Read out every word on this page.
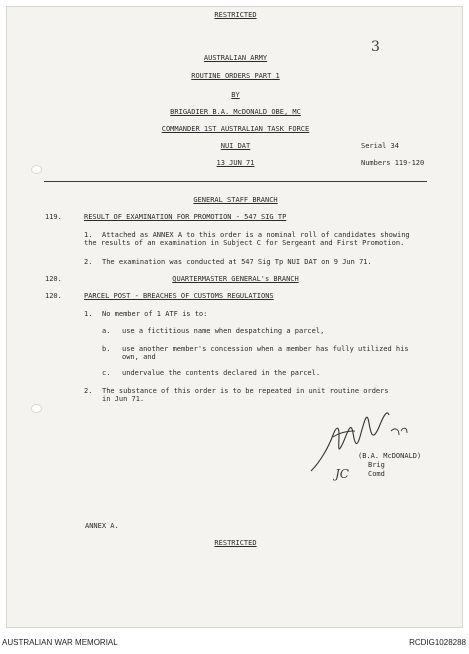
RESTRICTED
3
AUSTRALIAN ARMY
ROUTINE ORDERS PART 1
BY
BRIGADIER B.A. McDONALD OBE, MC
COMMANDER 1ST AUSTRALIAN TASK FORCE
NUI DAT	Serial 34
13 JUN 71	Numbers 119-120
GENERAL STAFF BRANCH
119.	RESULT OF EXAMINATION FOR PROMOTION - 547 SIG TP
1. Attached as ANNEX A to this order is a nominal roll of candidates showing
the results of an examination in Subject C for Sergeant and First Promotion.
2. The examination was conducted at 547 Sig Tp NUI DAT on 9 Jun 71.
120.	QUARTERMASTER GENERAL's BRANCH
120.	PARCEL POST - BREACHES OF CUSTOMS REGULATIONS
1. No member of 1 ATF is to:
a. use a fictitious name when despatching a parcel,
b. use another member's concession when a member has fully utilized his
own, and
c. undervalue the contents declared in the parcel.
2. The substance of this order is to be repeated in unit routine orders
in Jun 71.
(B.A. McDONALD)
Brig
Comd
JC
ANNEX A.
RESTRICTED
AUSTRALIAN WAR MEMORIAL	RCDIG1028288
